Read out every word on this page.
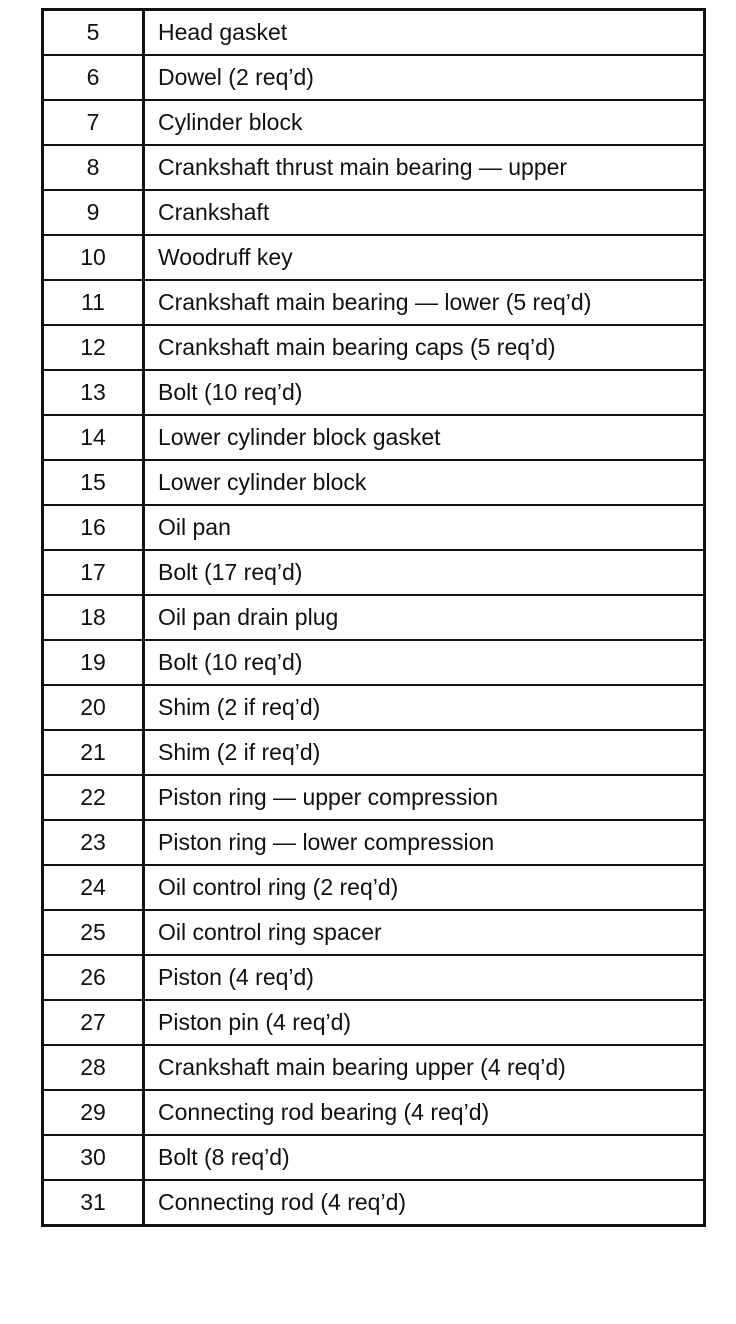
5	Head gasket
6	Dowel (2 req’d)
7	Cylinder block
8	Crankshaft thrust main bearing — upper
9	Crankshaft
10	Woodruff key
11	Crankshaft main bearing — lower (5 req’d)
12	Crankshaft main bearing caps (5 req’d)
13	Bolt (10 req’d)
14	Lower cylinder block gasket
15	Lower cylinder block
16	Oil pan
17	Bolt (17 req’d)
18	Oil pan drain plug
19	Bolt (10 req’d)
20	Shim (2 if req’d)
21	Shim (2 if req’d)
22	Piston ring — upper compression
23	Piston ring — lower compression
24	Oil control ring (2 req’d)
25	Oil control ring spacer
26	Piston (4 req’d)
27	Piston pin (4 req’d)
28	Crankshaft main bearing upper (4 req’d)
29	Connecting rod bearing (4 req’d)
30	Bolt (8 req’d)
31	Connecting rod (4 req’d)
